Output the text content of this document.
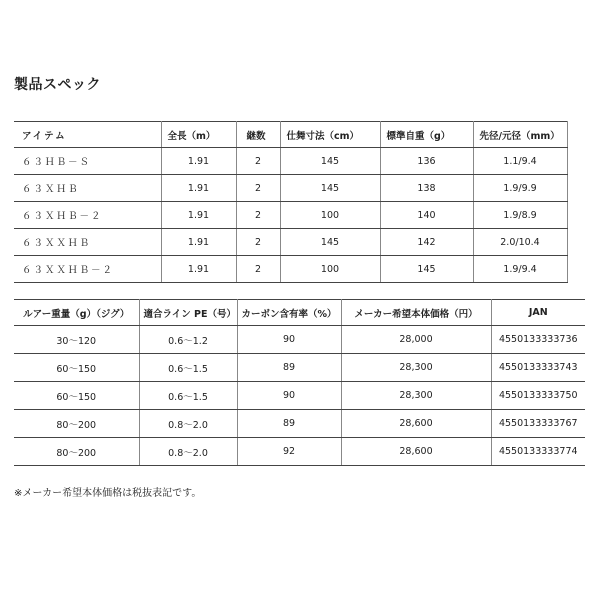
製品スペック
アイテム	全長（m）	継数	仕舞寸法（cm）	標準自重（g）	先径/元径（mm）
６３ＨＢ－Ｓ	1.91	2	145	136	1.1/9.4
６３ＸＨＢ	1.91	2	145	138	1.9/9.9
６３ＸＨＢ－２	1.91	2	100	140	1.9/8.9
６３ＸＸＨＢ	1.91	2	145	142	2.0/10.4
６３ＸＸＨＢ－２	1.91	2	100	145	1.9/9.4
ルアー重量（g）（ジグ）	適合ライン PE（号）	カーボン含有率（%）	メーカー希望本体価格（円）	JAN
30～120	0.6～1.2	90	28,000	4550133333736
60～150	0.6～1.5	89	28,300	4550133333743
60～150	0.6～1.5	90	28,300	4550133333750
80～200	0.8～2.0	89	28,600	4550133333767
80～200	0.8～2.0	92	28,600	4550133333774
※メーカー希望本体価格は税抜表記です。
